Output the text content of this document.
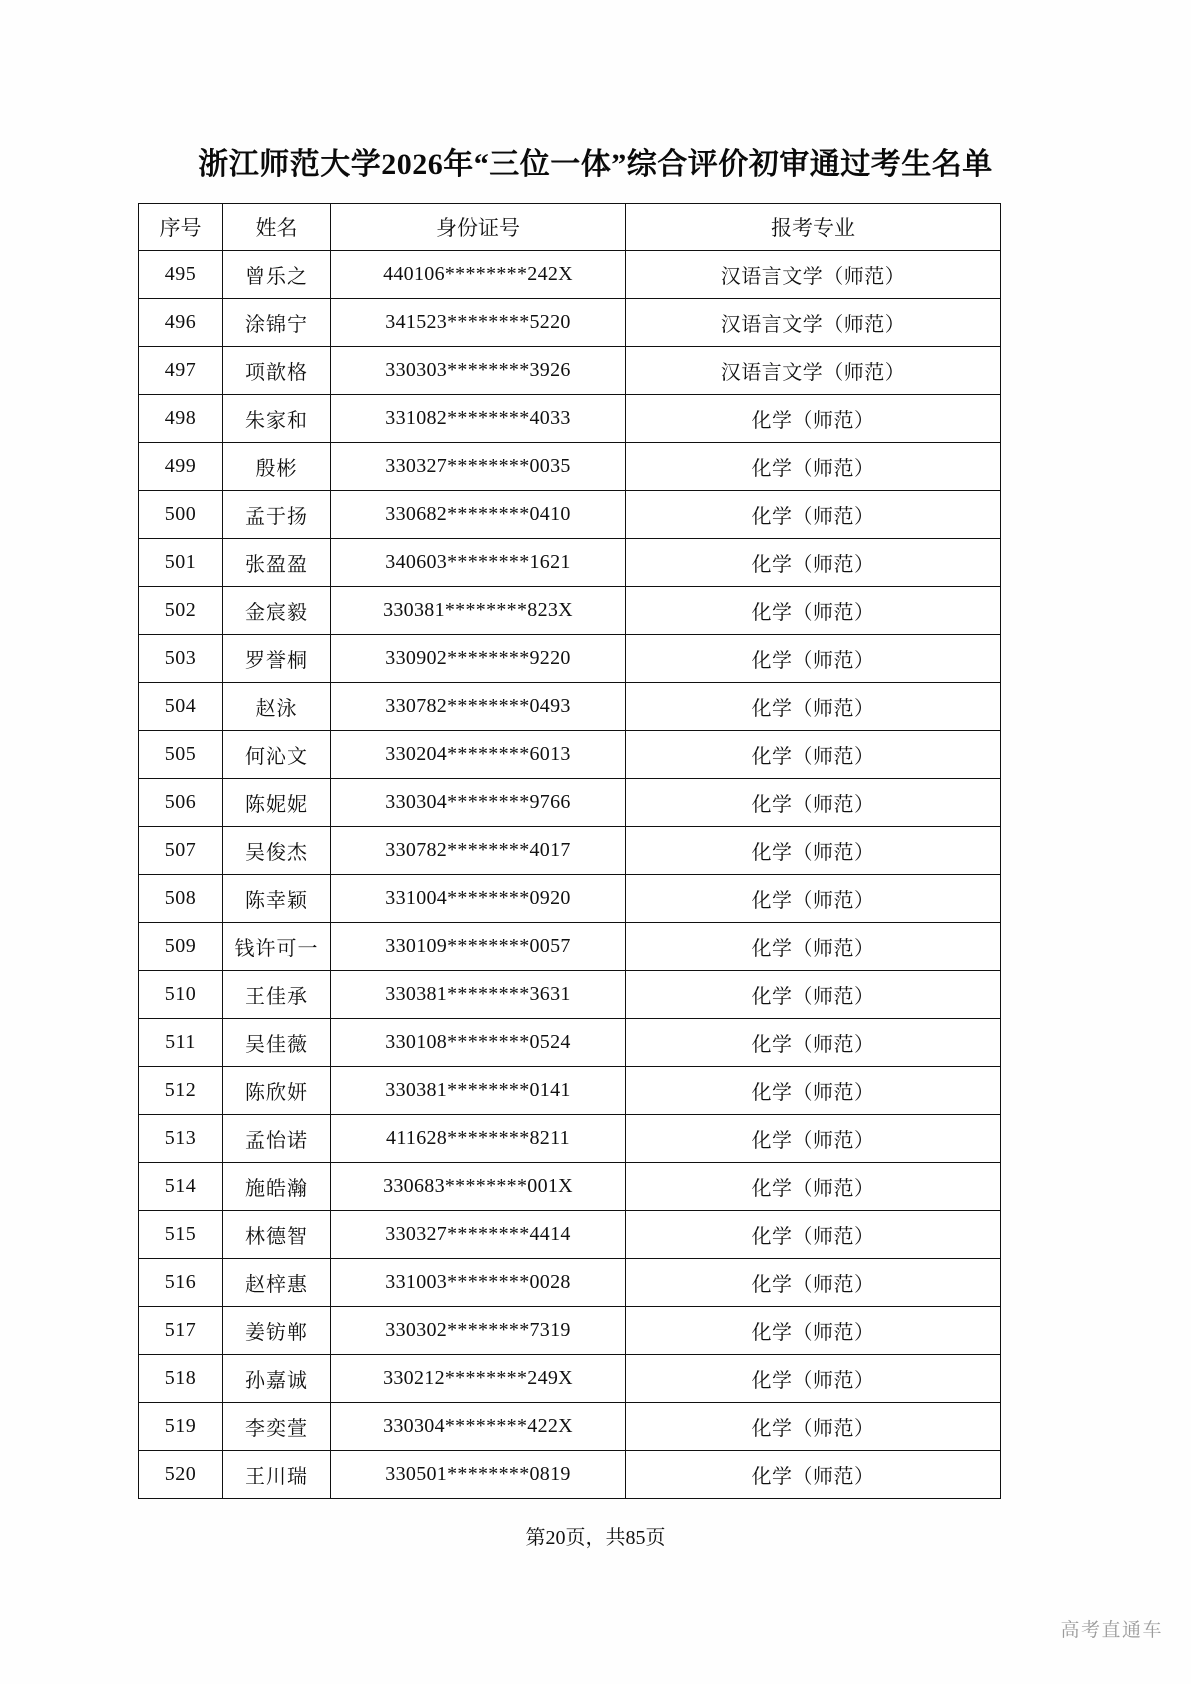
浙江师范大学2026年“三位一体”综合评价初审通过考生名单
序号	姓名	身份证号	报考专业
495	曾乐之	440106********242X	汉语言文学（师范）
496	涂锦宁	341523********5220	汉语言文学（师范）
497	项歆格	330303********3926	汉语言文学（师范）
498	朱家和	331082********4033	化学（师范）
499	殷彬	330327********0035	化学（师范）
500	孟于扬	330682********0410	化学（师范）
501	张盈盈	340603********1621	化学（师范）
502	金宸毅	330381********823X	化学（师范）
503	罗誉桐	330902********9220	化学（师范）
504	赵泳	330782********0493	化学（师范）
505	何沁文	330204********6013	化学（师范）
506	陈妮妮	330304********9766	化学（师范）
507	吴俊杰	330782********4017	化学（师范）
508	陈幸颖	331004********0920	化学（师范）
509	钱许可一	330109********0057	化学（师范）
510	王佳承	330381********3631	化学（师范）
511	吴佳薇	330108********0524	化学（师范）
512	陈欣妍	330381********0141	化学（师范）
513	孟怡诺	411628********8211	化学（师范）
514	施皓瀚	330683********001X	化学（师范）
515	林德智	330327********4414	化学（师范）
516	赵梓惠	331003********0028	化学（师范）
517	姜钫郸	330302********7319	化学（师范）
518	孙嘉诚	330212********249X	化学（师范）
519	李奕萱	330304********422X	化学（师范）
520	王川瑞	330501********0819	化学（师范）
第20页，共85页
高考直通车
